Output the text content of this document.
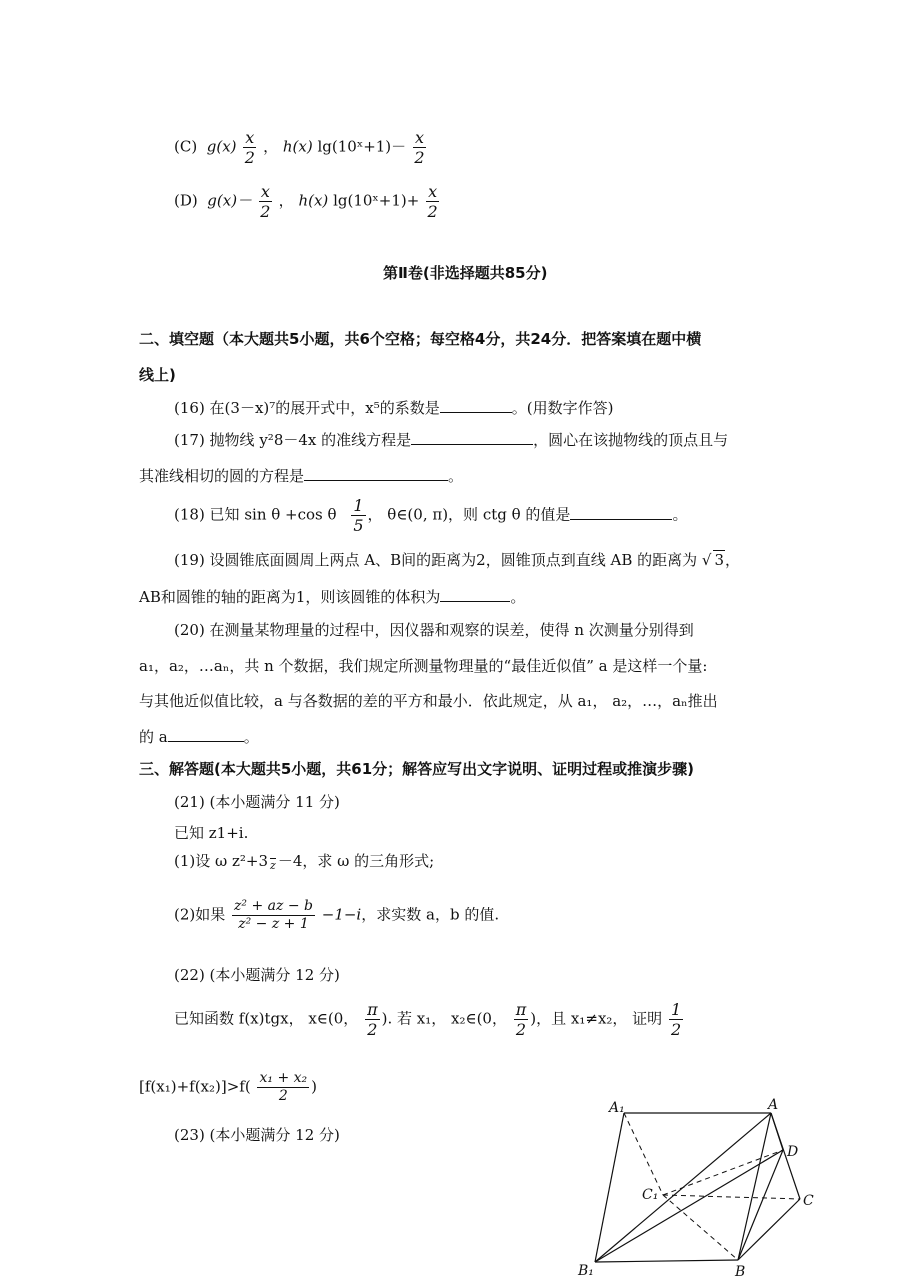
(C) $g(x) \frac{x}{2}$ ， h(x) lg(10ˣ+1)－ $\frac{x}{2}$
(D) $g(x)- \frac{x}{2}$ ， h(x) lg(10ˣ+1)+ $\frac{x}{2}$
第Ⅱ卷(非选择题共85分)
二、填空题（本大题共5小题，共6个空格；每空格4分，共24分．把答案填在题中横
线上)
(16) 在(3－x)⁷的展开式中，x⁵的系数是	。(用数字作答)
(17) 抛物线 y²8－4x 的准线方程是	，圆心在该抛物线的顶点且与
其准线相切的圆的方程是	。
(18) 已知 sin θ +cos θ $\frac{1}{5}$ ， θ∈(0, π)，则 ctg θ 的值是	。
(19) 设圆锥底面圆周上两点 A、B间的距离为2，圆锥顶点到直线 AB 的距离为 √ 3，
AB和圆锥的轴的距离为1，则该圆锥的体积为	。
(20) 在测量某物理量的过程中，因仪器和观察的误差，使得 n 次测量分别得到
a₁，a₂，…aₙ，共 n 个数据，我们规定所测量物理量的“最佳近似值” a 是这样一个量:
与其他近似值比较，a 与各数据的差的平方和最小．依此规定，从 a₁， a₂，…，aₙ推出
的 a	。
三、解答题(本大题共5小题，共61分；解答应写出文字说明、证明过程或推演步骤)
(21) (本小题满分 11 分)
已知 z1+i.
(1)设 ω z²+3 z －4，求 ω 的三角形式;
(2)如果 $\frac{\text{z² + az − b}}{\text{z² − z + 1}} -1-i$，求实数 a，b 的值.
(22) (本小题满分 12 分)
已知函数 f(x)tgx， x∈(0， $\frac{\pi}{2}$ ). 若 x₁， x₂∈(0， $\frac{\pi}{2}$ )，且 x₁≠x₂， 证明 $\frac{1}{2}$
$[f(x_1)+f(x_2)]>f( \frac{\text{x₁ + x₂}}{2}$ )
(23) (本小题满分 12 分)
A₁	A
D
C₁	C
B₁	B
